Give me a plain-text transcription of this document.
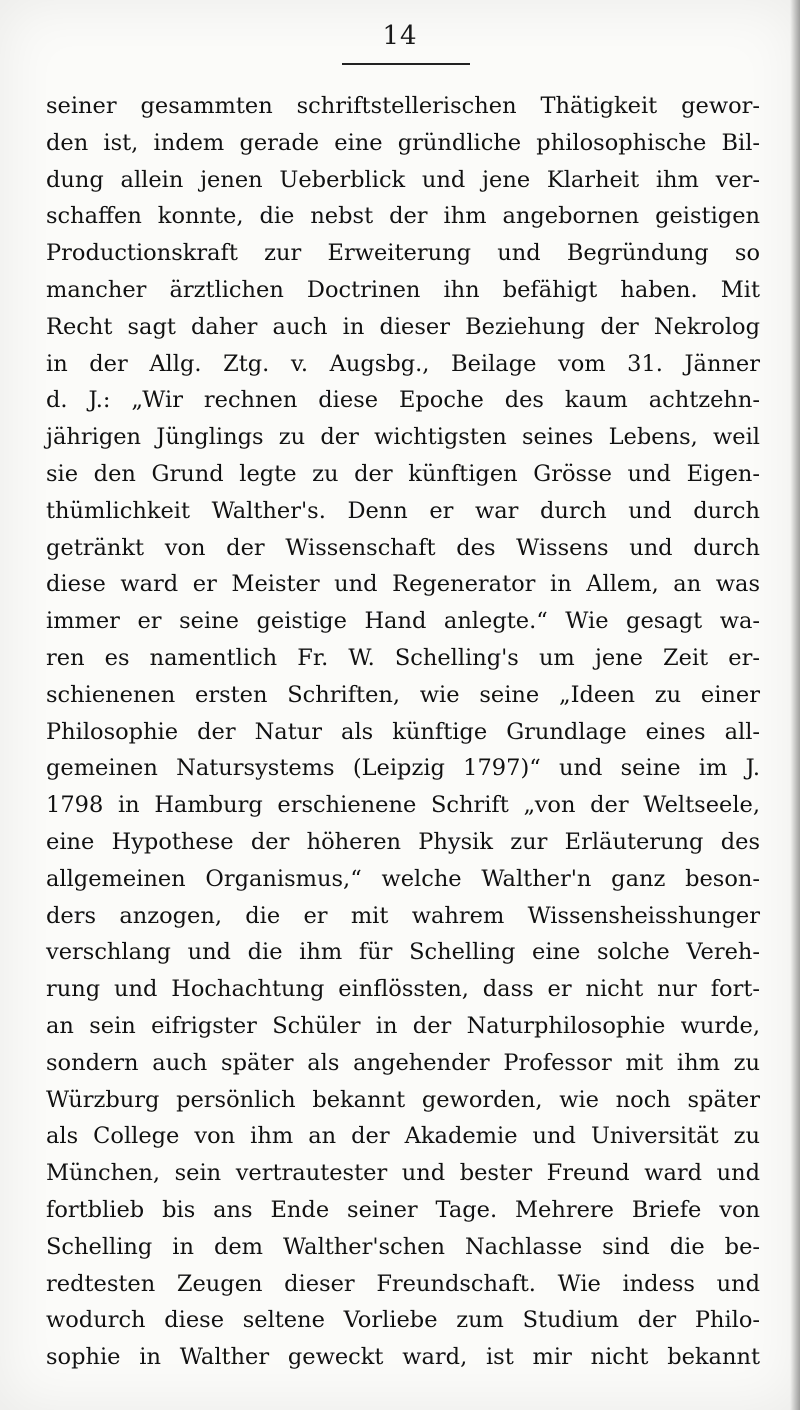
14
seiner gesammten schriftstellerischen Thätigkeit gewor-
den ist, indem gerade eine gründliche philosophische Bil-
dung allein jenen Ueberblick und jene Klarheit ihm ver-
schaffen konnte, die nebst der ihm angebornen geistigen
Productionskraft zur Erweiterung und Begründung so
mancher ärztlichen Doctrinen ihn befähigt haben. Mit
Recht sagt daher auch in dieser Beziehung der Nekrolog
in der Allg. Ztg. v. Augsbg., Beilage vom 31. Jänner
d. J.: „Wir rechnen diese Epoche des kaum achtzehn-
jährigen Jünglings zu der wichtigsten seines Lebens, weil
sie den Grund legte zu der künftigen Grösse und Eigen-
thümlichkeit Walther's. Denn er war durch und durch
getränkt von der Wissenschaft des Wissens und durch
diese ward er Meister und Regenerator in Allem, an was
immer er seine geistige Hand anlegte.“ Wie gesagt wa-
ren es namentlich Fr. W. Schelling's um jene Zeit er-
schienenen ersten Schriften, wie seine „Ideen zu einer
Philosophie der Natur als künftige Grundlage eines all-
gemeinen Natursystems (Leipzig 1797)“ und seine im J.
1798 in Hamburg erschienene Schrift „von der Weltseele,
eine Hypothese der höheren Physik zur Erläuterung des
allgemeinen Organismus,“ welche Walther'n ganz beson-
ders anzogen, die er mit wahrem Wissensheisshunger
verschlang und die ihm für Schelling eine solche Vereh-
rung und Hochachtung einflössten, dass er nicht nur fort-
an sein eifrigster Schüler in der Naturphilosophie wurde,
sondern auch später als angehender Professor mit ihm zu
Würzburg persönlich bekannt geworden, wie noch später
als College von ihm an der Akademie und Universität zu
München, sein vertrautester und bester Freund ward und
fortblieb bis ans Ende seiner Tage. Mehrere Briefe von
Schelling in dem Walther'schen Nachlasse sind die be-
redtesten Zeugen dieser Freundschaft. Wie indess und
wodurch diese seltene Vorliebe zum Studium der Philo-
sophie in Walther geweckt ward, ist mir nicht bekannt
